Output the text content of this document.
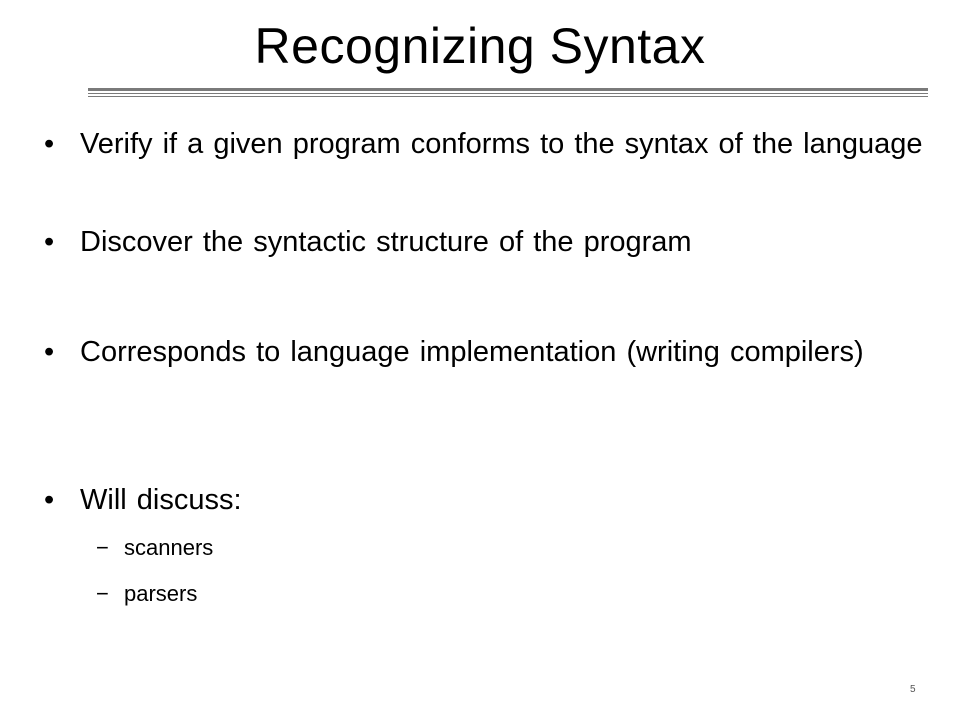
Recognizing Syntax
• Verify if a given program conforms to the syntax of the language
• Discover the syntactic structure of the program
• Corresponds to language implementation (writing compilers)
• Will discuss:
− scanners
− parsers
5
